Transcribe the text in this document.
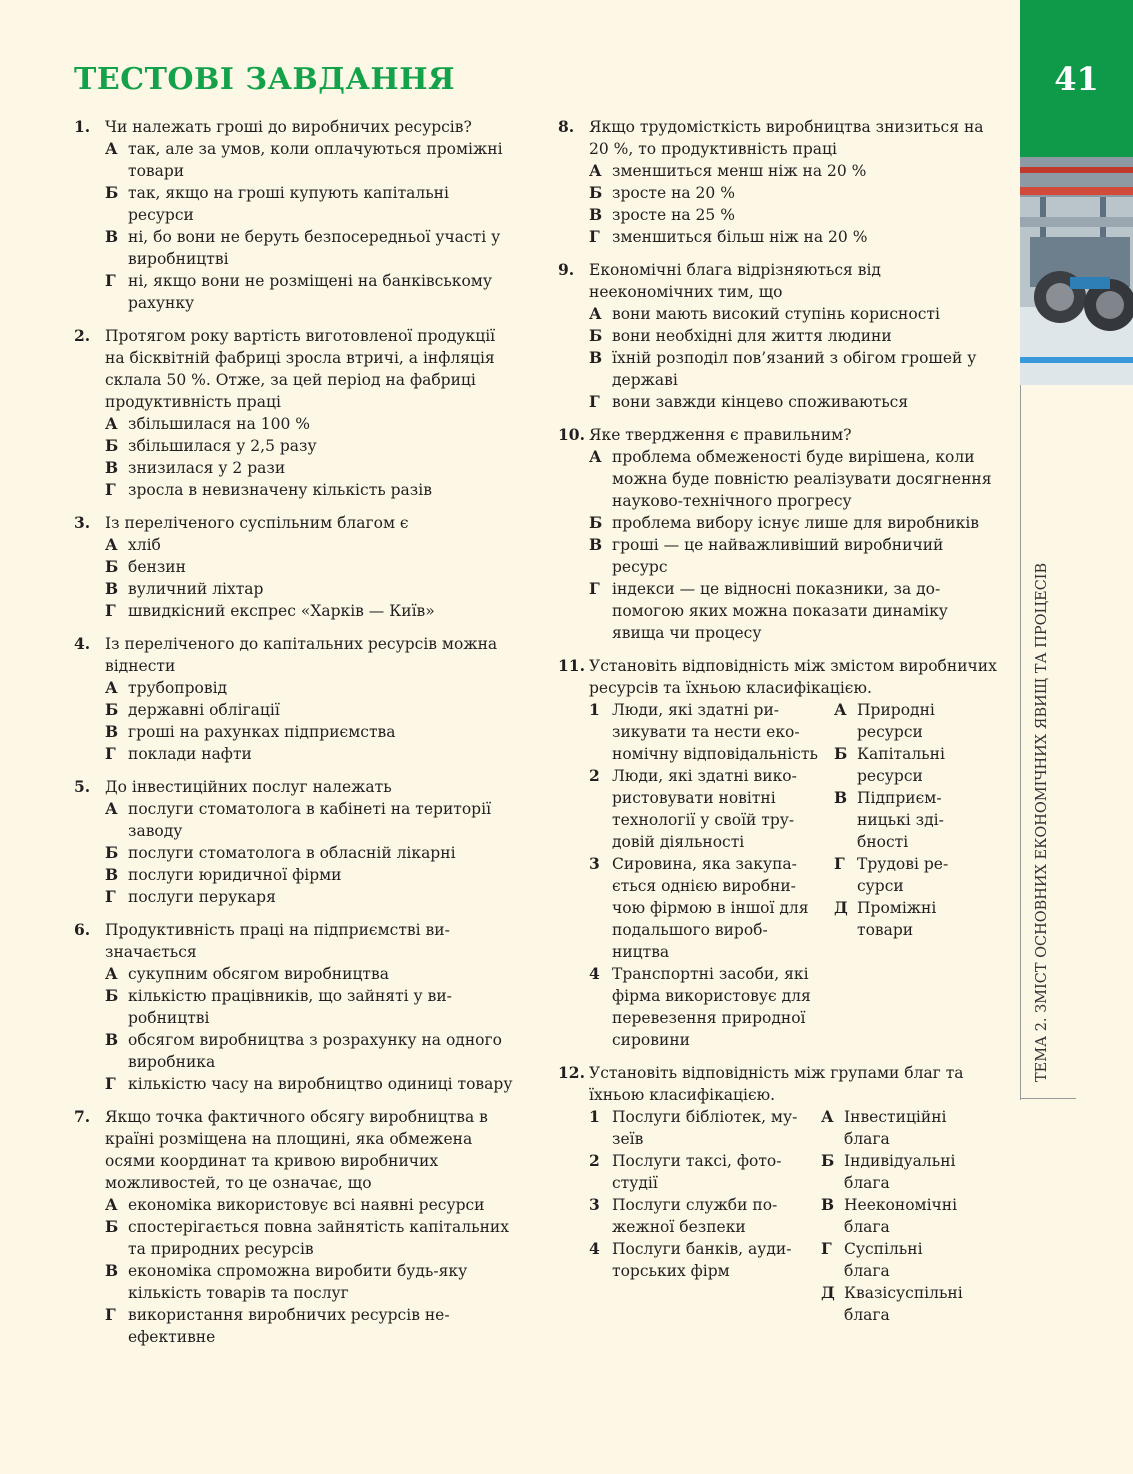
ТЕСТОВІ ЗАВДАННЯ	41
ТЕМА 2. ЗМІСТ ОСНОВНИХ ЕКОНОМІЧНИХ ЯВИЩ ТА ПРОЦЕСІВ
1. Чи належать гроші до виробничих ресурсів?
А так, але за умов, коли оплачуються проміжні товари
Б так, якщо на гроші купують капітальні ресурси
В ні, бо вони не беруть безпосередньої участі у виробництві
Г ні, якщо вони не розміщені на банківському рахунку
2. Протягом року вартість виготовленої продукції на бісквітній фабриці зросла втричі, а інфляція склала 50 %. Отже, за цей період на фабриці продуктивність праці
А збільшилася на 100 %
Б збільшилася у 2,5 разу
В знизилася у 2 рази
Г зросла в невизначену кількість разів
3. Із переліченого суспільним благом є
А хліб
Б бензин
В вуличний ліхтар
Г швидкісний експрес «Харків — Київ»
4. Із переліченого до капітальних ресурсів можна віднести
А трубопровід
Б державні облігації
В гроші на рахунках підприємства
Г поклади нафти
5. До інвестиційних послуг належать
А послуги стоматолога в кабінеті на території заводу
Б послуги стоматолога в обласній лікарні
В послуги юридичної фірми
Г послуги перукаря
6. Продуктивність праці на підприємстві визначається
А сукупним обсягом виробництва
Б кількістю працівників, що зайняті у виробництві
В обсягом виробництва з розрахунку на одного виробника
Г кількістю часу на виробництво одиниці товару
7. Якщо точка фактичного обсягу виробництва в країні розміщена на площині, яка обмежена осями координат та кривою виробничих можливостей, то це означає, що
А економіка використовує всі наявні ресурси
Б спостерігається повна зайнятість капітальних та природних ресурсів
В економіка спроможна виробити будь-яку кількість товарів та послуг
Г використання виробничих ресурсів неефективне
8. Якщо трудомісткість виробництва знизиться на 20 %, то продуктивність праці
А зменшиться менш ніж на 20 %
Б зросте на 20 %
В зросте на 25 %
Г зменшиться більш ніж на 20 %
9. Економічні блага відрізняються від неекономічних тим, що
А вони мають високий ступінь корисності
Б вони необхідні для життя людини
В їхній розподіл пов’язаний з обігом грошей у державі
Г вони завжди кінцево споживаються
10. Яке твердження є правильним?
А проблема обмеженості буде вирішена, коли можна буде повністю реалізувати досягнення науково-технічного прогресу
Б проблема вибору існує лише для виробників
В гроші — це найважливіший виробничий ресурс
Г індекси — це відносні показники, за допомогою яких можна показати динаміку явища чи процесу
11. Установіть відповідність між змістом виробничих ресурсів та їхньою класифікацією.
1 Люди, які здатні ризикувати та нести економічну відповідальність
2 Люди, які здатні використовувати новітні технології у своїй трудовій діяльності
3 Сировина, яка закупається однією виробничою фірмою в іншої для подальшого виробництва
4 Транспортні засоби, які фірма використовує для перевезення природної сировини
А Природні ресурси
Б Капітальні ресурси
В Підприємницькі здібності
Г Трудові ресурси
Д Проміжні товари
12. Установіть відповідність між групами благ та їхньою класифікацією.
1 Послуги бібліотек, музеїв
2 Послуги таксі, фотостудії
3 Послуги служби пожежної безпеки
4 Послуги банків, аудиторських фірм
А Інвестиційні блага
Б Індивідуальні блага
В Неекономічні блага
Г Суспільні блага
Д Квазісуспільні блага
